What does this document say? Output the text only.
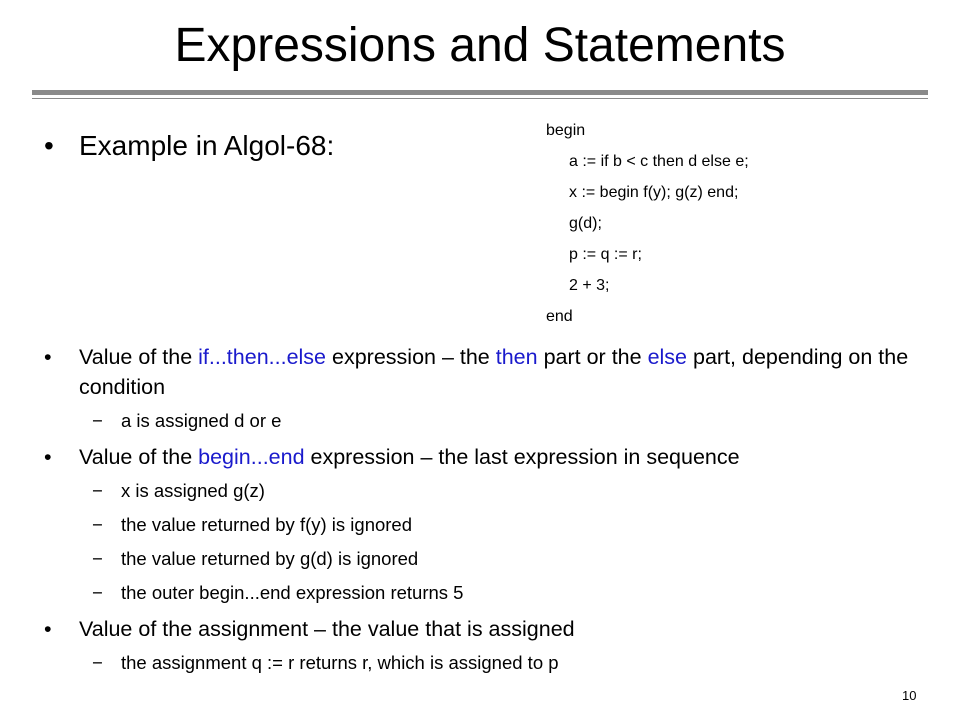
Expressions and Statements
• Example in Algol-68:	begin
a := if b < c then d else e;
x := begin f(y); g(z) end;
g(d);
p := q := r;
2 + 3;
end
• Value of the if...then...else expression – the then part or the else part, depending on the condition
− a is assigned d or e
• Value of the begin...end expression – the last expression in sequence
− x is assigned g(z)
− the value returned by f(y) is ignored
− the value returned by g(d) is ignored
− the outer begin...end expression returns 5
• Value of the assignment – the value that is assigned
− the assignment q := r returns r, which is assigned to p
10
